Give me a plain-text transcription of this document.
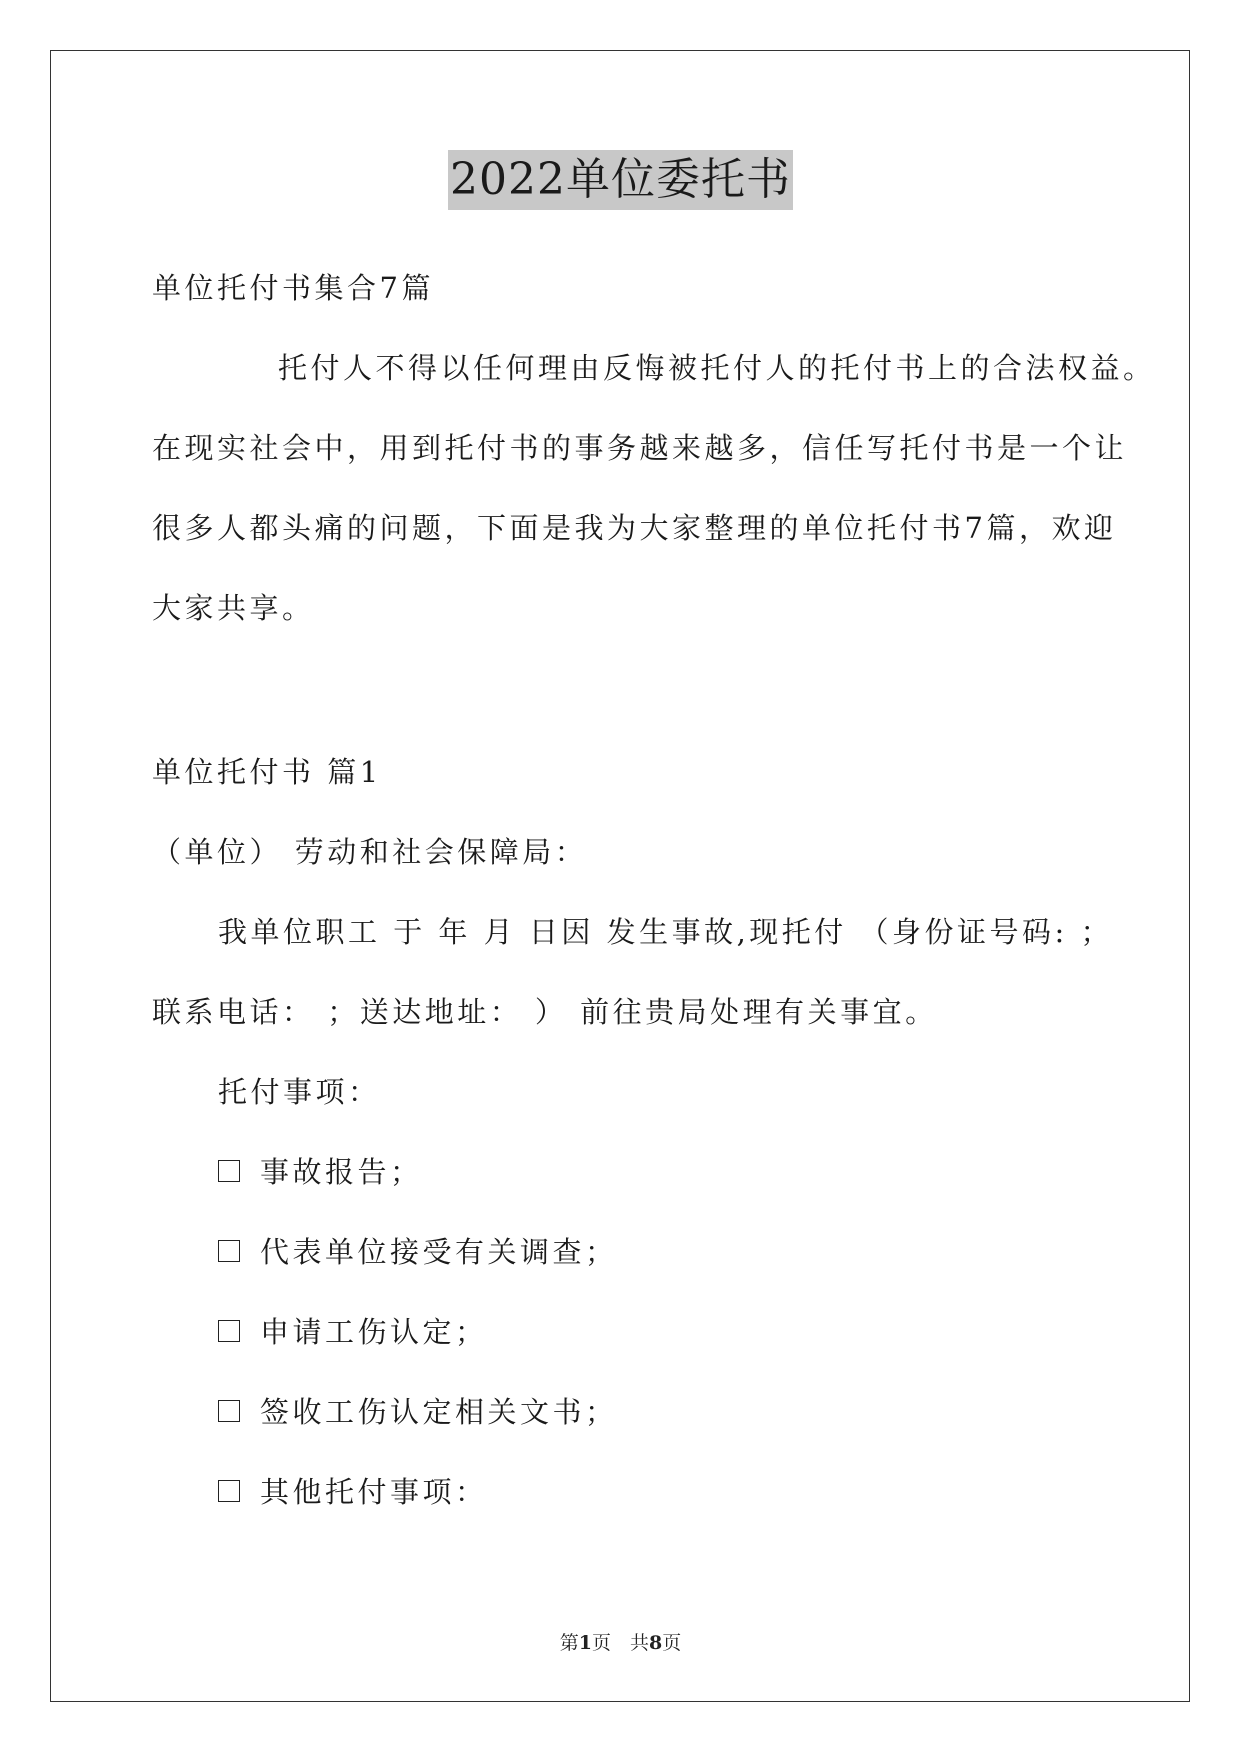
2022单位委托书
单位托付书集合7篇
托付人不得以任何理由反悔被托付人的托付书上的合法权益。
在现实社会中，用到托付书的事务越来越多，信任写托付书是一个让
很多人都头痛的问题，下面是我为大家整理的单位托付书7篇，欢迎
大家共享。
单位托付书 篇1
（单位） 劳动和社会保障局：
我单位职工 于 年 月 日因 发生事故,现托付 （身份证号码: ；
联系电话： ；送达地址： ） 前往贵局处理有关事宜。
托付事项：
事故报告；
代表单位接受有关调查；
申请工伤认定；
签收工伤认定相关文书；
其他托付事项：
第1页　共8页
